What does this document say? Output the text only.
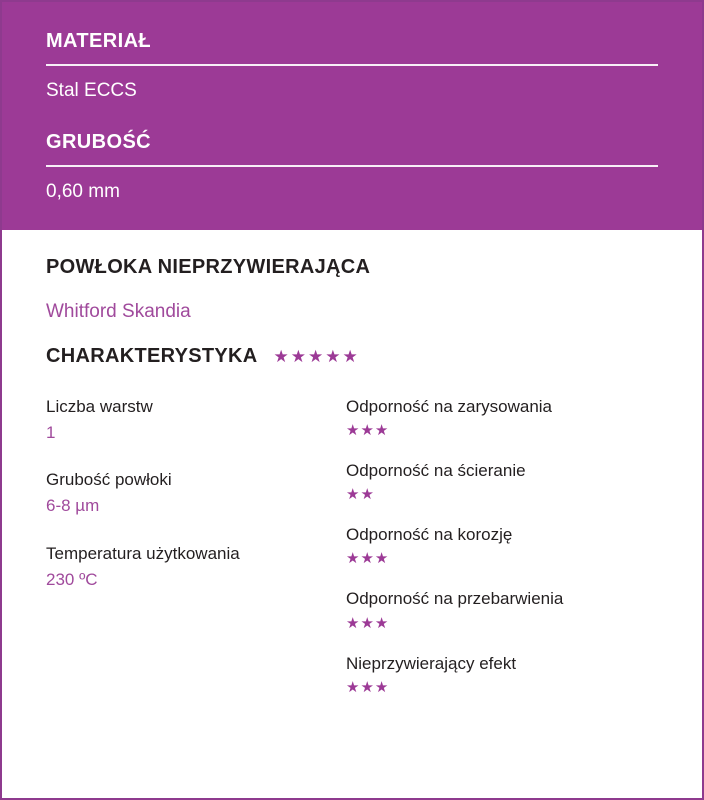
MATERIAŁ
Stal ECCS
GRUBOŚĆ
0,60 mm
POWŁOKA NIEPRZYWIERAJĄCA
Whitford Skandia
CHARAKTERYSTYKA ★★★★★
Liczba warstw
1
Grubość powłoki
6-8 µm
Temperatura użytkowania
230 ºC
Odporność na zarysowania
★★★
Odporność na ścieranie
★★
Odporność na korozję
★★★
Odporność na przebarwienia
★★★
Nieprzywierający efekt
★★★
